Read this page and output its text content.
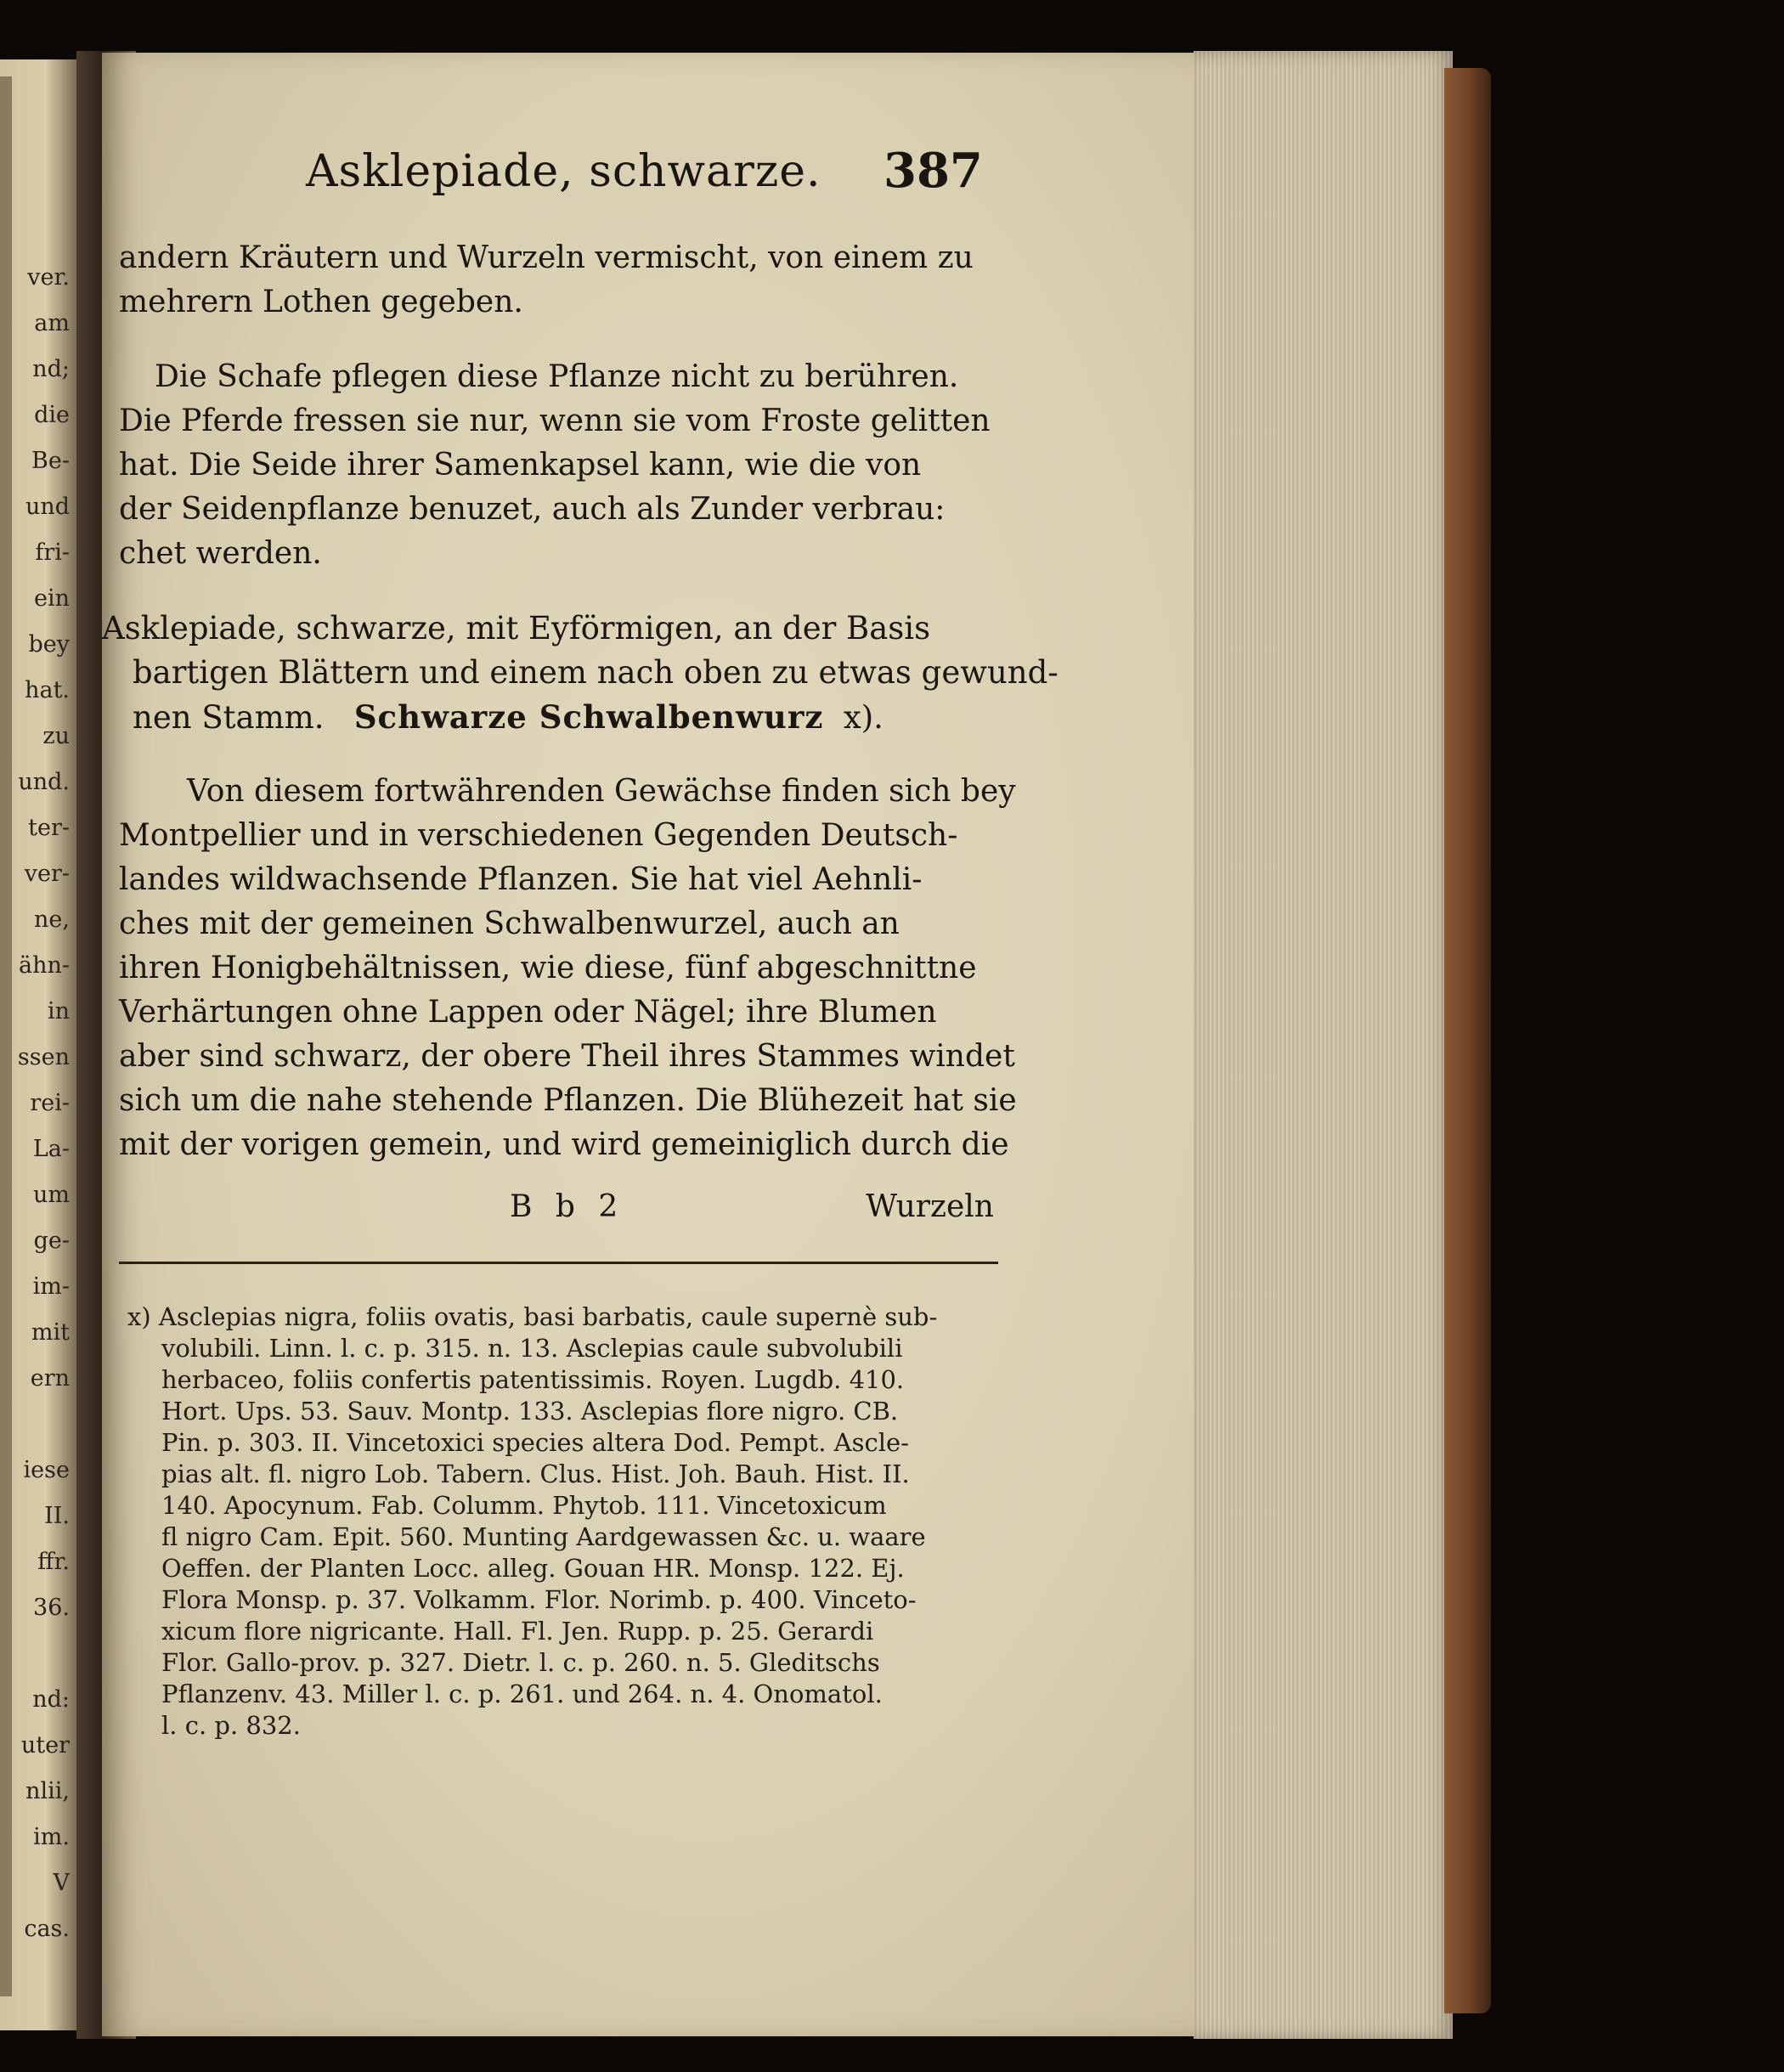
ver.
am
nd;
die
Be-
und
fri-
ein
bey
hat.
zu
und.
ter-
ver-
ne,
ähn-
in
ssen
rei-
La-
um
ge-
im-
mit
ern
iese
II.
ffr.
36.
nd:
uter
nlii,
im.
V
cas.
Asklepiade, schwarze. 387
andern Kräutern und Wurzeln vermischt, von einem zu
mehrern Lothen gegeben.
Die Schafe pflegen diese Pflanze nicht zu berühren.
Die Pferde fressen sie nur, wenn sie vom Froste gelitten
hat. Die Seide ihrer Samenkapsel kann, wie die von
der Seidenpflanze benuzet, auch als Zunder verbrau:
chet werden.
Asklepiade, schwarze, mit Eyförmigen, an der Basis
bartigen Blättern und einem nach oben zu etwas gewund-
nen Stamm. Schwarze Schwalbenwurz x).
Von diesem fortwährenden Gewächse finden sich bey
Montpellier und in verschiedenen Gegenden Deutsch-
landes wildwachsende Pflanzen. Sie hat viel Aehnli-
ches mit der gemeinen Schwalbenwurzel, auch an
ihren Honigbehältnissen, wie diese, fünf abgeschnittne
Verhärtungen ohne Lappen oder Nägel; ihre Blumen
aber sind schwarz, der obere Theil ihres Stammes windet
sich um die nahe stehende Pflanzen. Die Blühezeit hat sie
mit der vorigen gemein, und wird gemeiniglich durch die
B b 2	Wurzeln
x) Asclepias nigra, foliis ovatis, basi barbatis, caule supernè sub-
volubili. Linn. l. c. p. 315. n. 13. Asclepias caule subvolubili
herbaceo, foliis confertis patentissimis. Royen. Lugdb. 410.
Hort. Ups. 53. Sauv. Montp. 133. Asclepias flore nigro. CB.
Pin. p. 303. II. Vincetoxici species altera Dod. Pempt. Ascle-
pias alt. fl. nigro Lob. Tabern. Clus. Hist. Joh. Bauh. Hist. II.
140. Apocynum. Fab. Columm. Phytob. 111. Vincetoxicum
fl nigro Cam. Epit. 560. Munting Aardgewassen &c. u. waare
Oeffen. der Planten Locc. alleg. Gouan HR. Monsp. 122. Ej.
Flora Monsp. p. 37. Volkamm. Flor. Norimb. p. 400. Vinceto-
xicum flore nigricante. Hall. Fl. Jen. Rupp. p. 25. Gerardi
Flor. Gallo-prov. p. 327. Dietr. l. c. p. 260. n. 5. Gleditschs
Pflanzenv. 43. Miller l. c. p. 261. und 264. n. 4. Onomatol.
l. c. p. 832.
